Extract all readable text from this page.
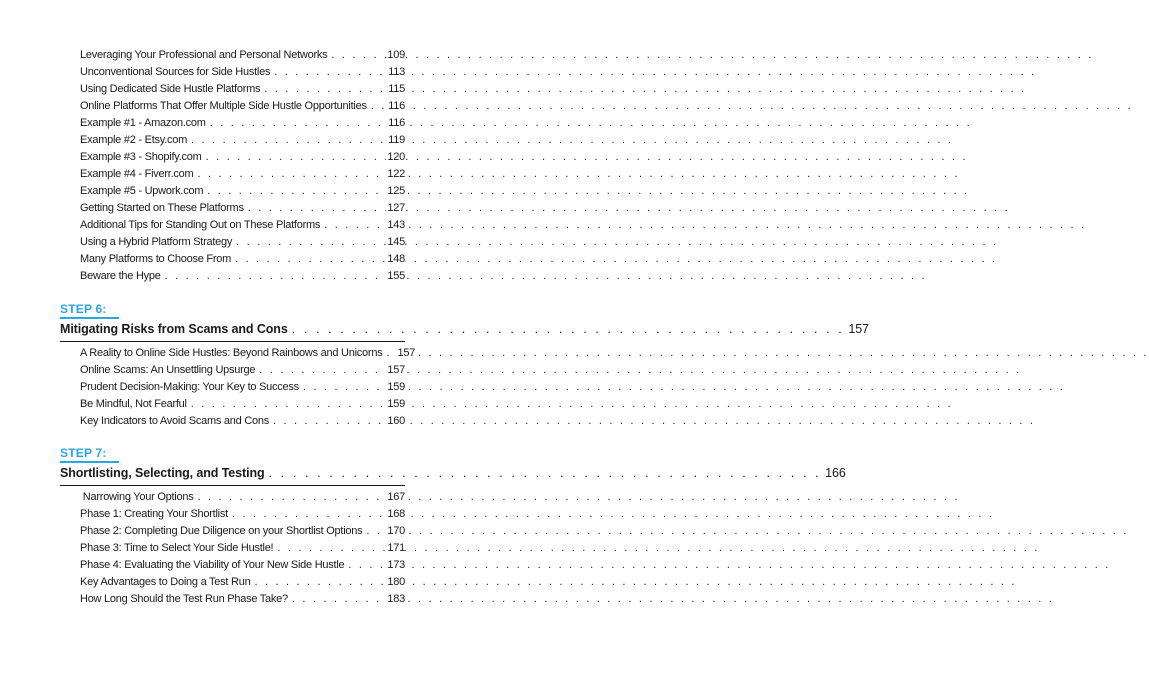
Leveraging Your Professional and Personal Networks . . .	109
Unconventional Sources for Side Hustles . . .	113
Using Dedicated Side Hustle Platforms . . .	115
Online Platforms That Offer Multiple Side Hustle Opportunities . . . 116
Example #1 - Amazon.com . . .	116
Example #2 - Etsy.com . . .	119
Example #3 - Shopify.com . . .	120
Example #4 - Fiverr.com . . .	122
Example #5 - Upwork.com . . .	125
Getting Started on These Platforms . . .	127
Additional Tips for Standing Out on These Platforms . . .	143
Using a Hybrid Platform Strategy . . .	145
Many Platforms to Choose From . . .	148
Beware the Hype . . .	155
STEP 6:
Mitigating Risks from Scams and Cons . . .	157
A Reality to Online Side Hustles: Beyond Rainbows and Unicorns . . . 157
Online Scams: An Unsettling Upsurge . . .	157
Prudent Decision-Making: Your Key to Success . . .	159
Be Mindful, Not Fearful . . .	159
Key Indicators to Avoid Scams and Cons . . .	160
STEP 7:
Shortlisting, Selecting, and Testing . . .	166
Narrowing Your Options . . .	167
Phase 1: Creating Your Shortlist . . .	168
Phase 2: Completing Due Diligence on your Shortlist Options . . . 170
Phase 3: Time to Select Your Side Hustle! . . .	171
Phase 4: Evaluating the Viability of Your New Side Hustle . . .	173
Key Advantages to Doing a Test Run . . .	180
How Long Should the Test Run Phase Take? . . .	183
